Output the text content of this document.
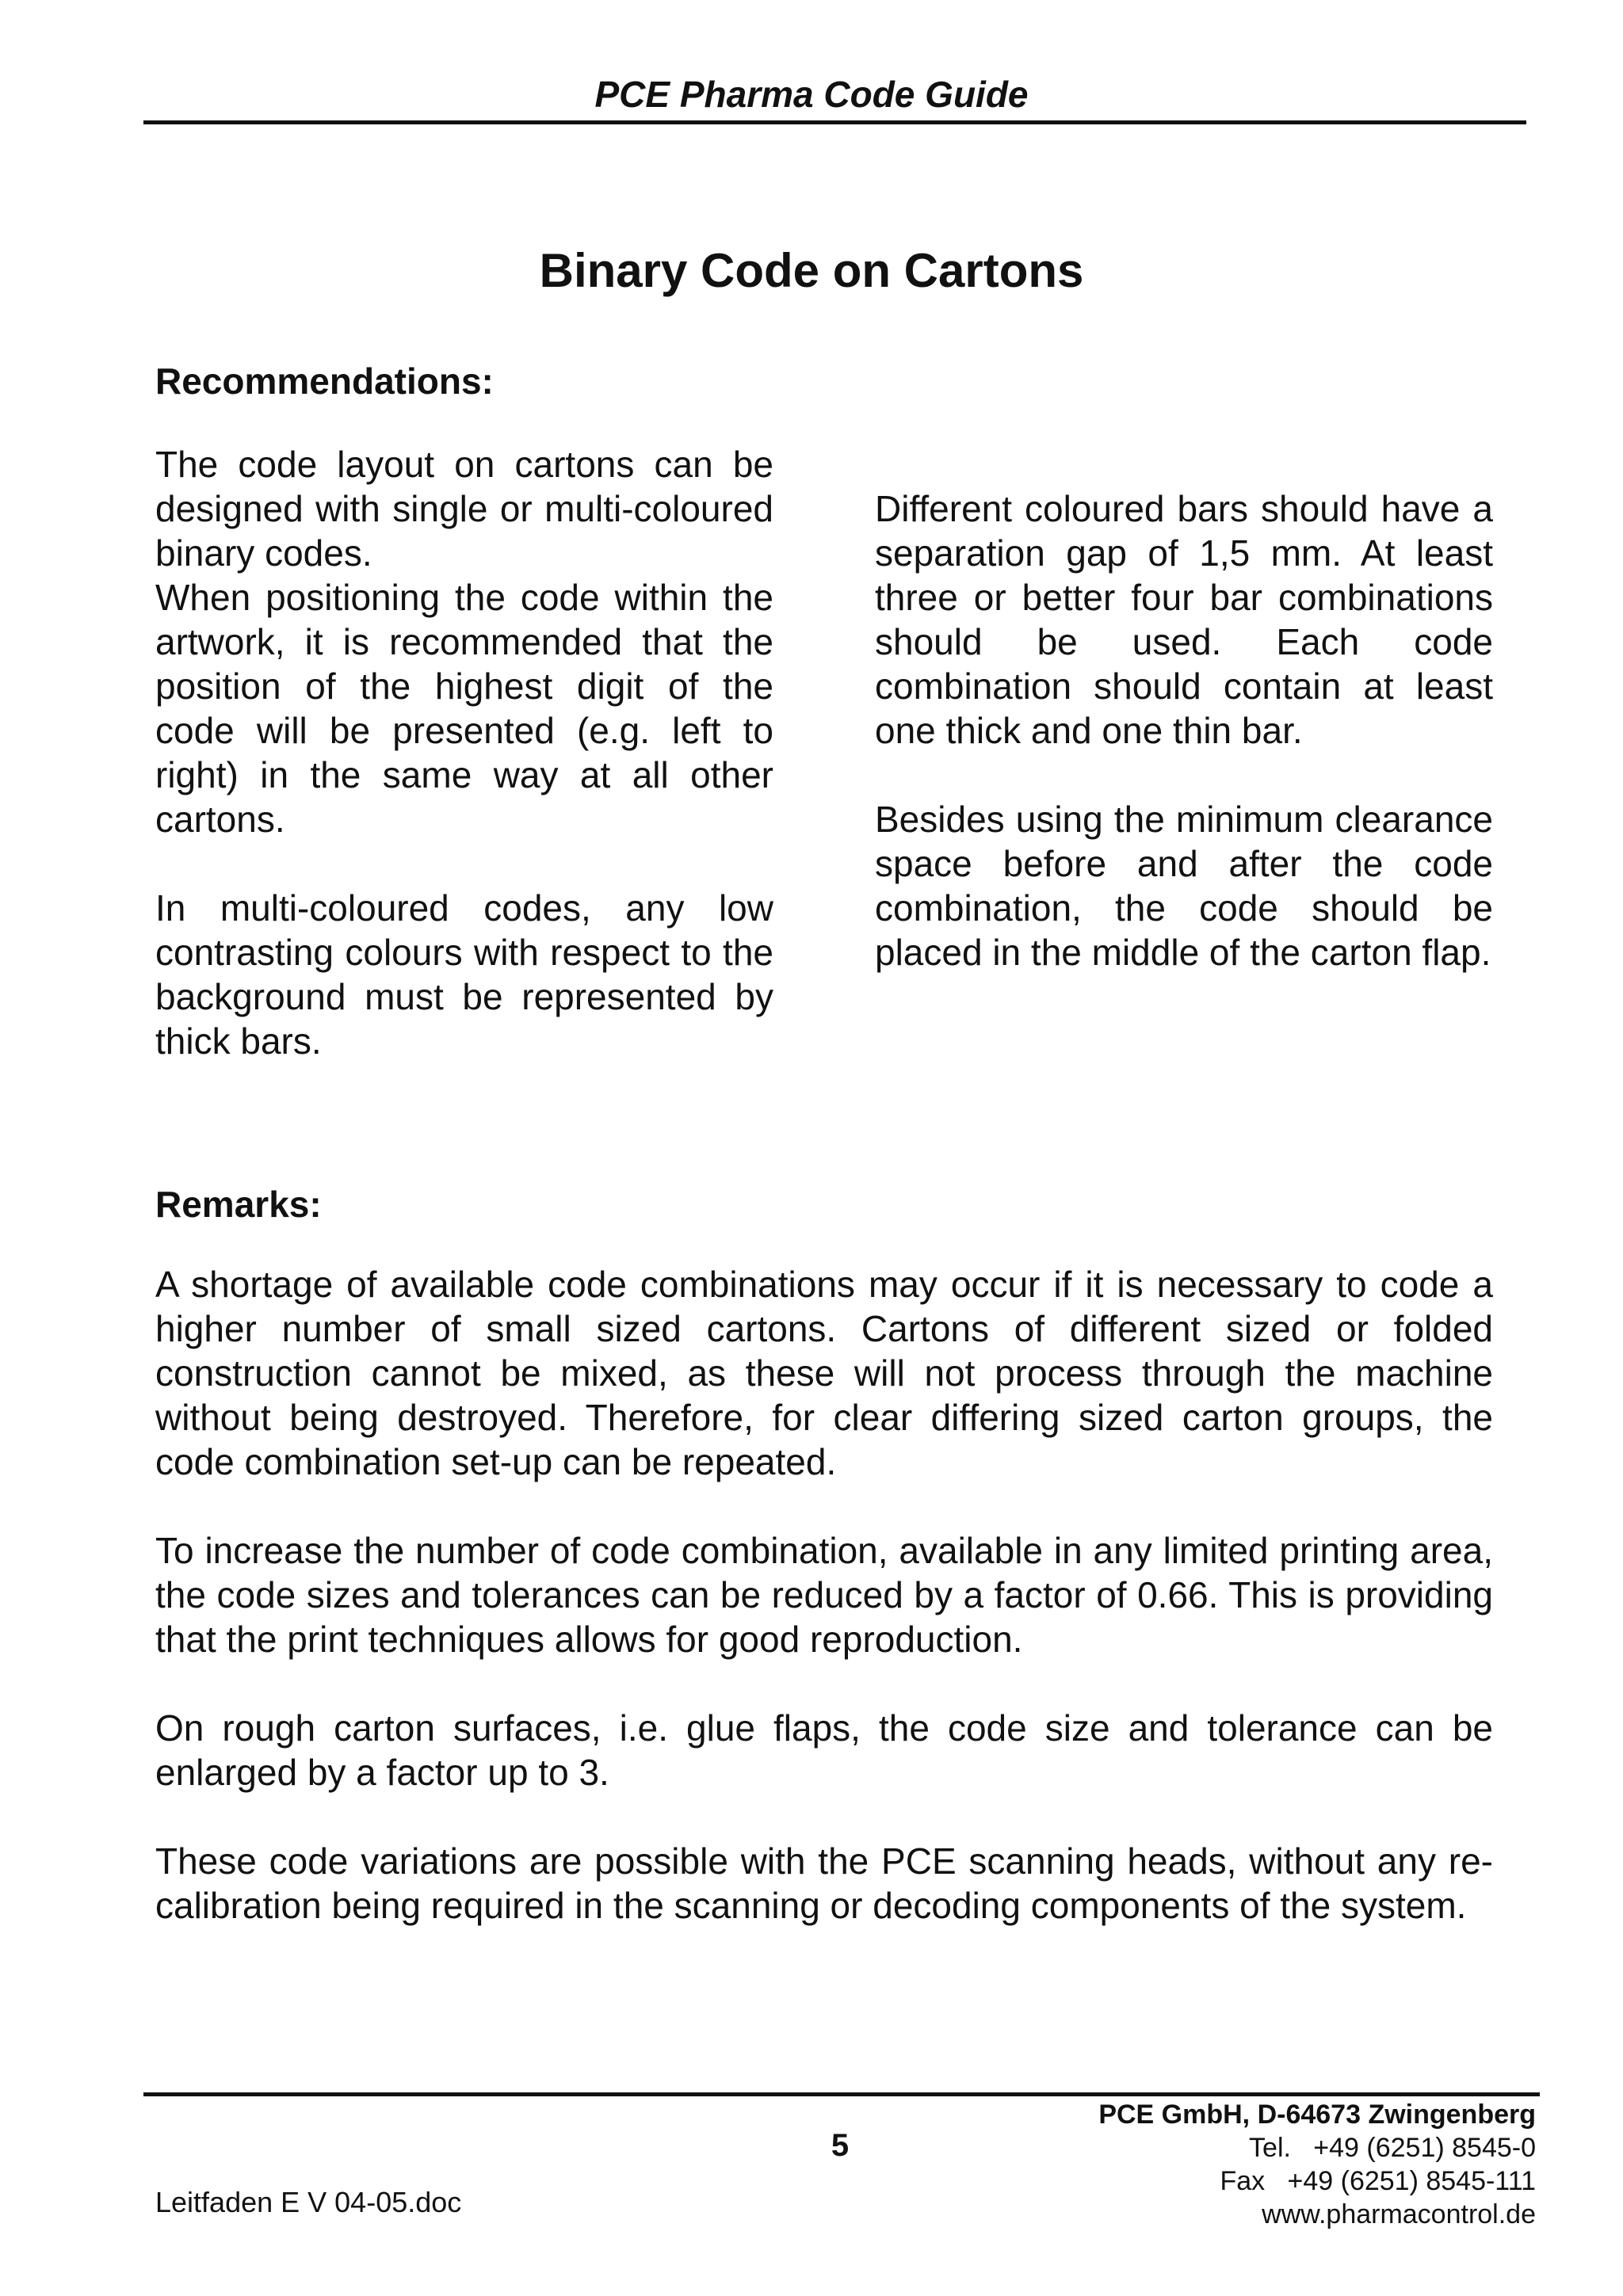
PCE Pharma Code Guide
Binary Code on Cartons
Recommendations:

The code layout on cartons can be designed with single or multi-coloured binary codes.

When positioning the code within the artwork, it is recommended that the position of the highest digit of the code will be presented (e.g. left to right) in the same way at all other cartons.

In multi-coloured codes, any low contrasting colours with respect to the background must be represented by thick bars.

Different coloured bars should have a separation gap of 1,5 mm. At least three or better four bar combinations should be used. Each code combination should contain at least one thick and one thin bar.

Besides using the minimum clearance space before and after the code combination, the code should be placed in the middle of the carton flap.

Remarks:

A shortage of available code combinations may occur if it is necessary to code a higher number of small sized cartons. Cartons of different sized or folded construction cannot be mixed, as these will not process through the machine without being destroyed. Therefore, for clear differing sized carton groups, the code combination set-up can be repeated.

To increase the number of code combination, available in any limited printing area, the code sizes and tolerances can be reduced by a factor of 0.66. This is providing that the print techniques allows for good reproduction.

On rough carton surfaces, i.e. glue flaps, the code size and tolerance can be enlarged by a factor up to 3.

These code variations are possible with the PCE scanning heads, without any re-calibration being required in the scanning or decoding components of the system.

5
Leitfaden E V 04-05.doc
PCE GmbH, D-64673 Zwingenberg
Tel.   +49 (6251) 8545-0
Fax   +49 (6251) 8545-111
www.pharmacontrol.de
